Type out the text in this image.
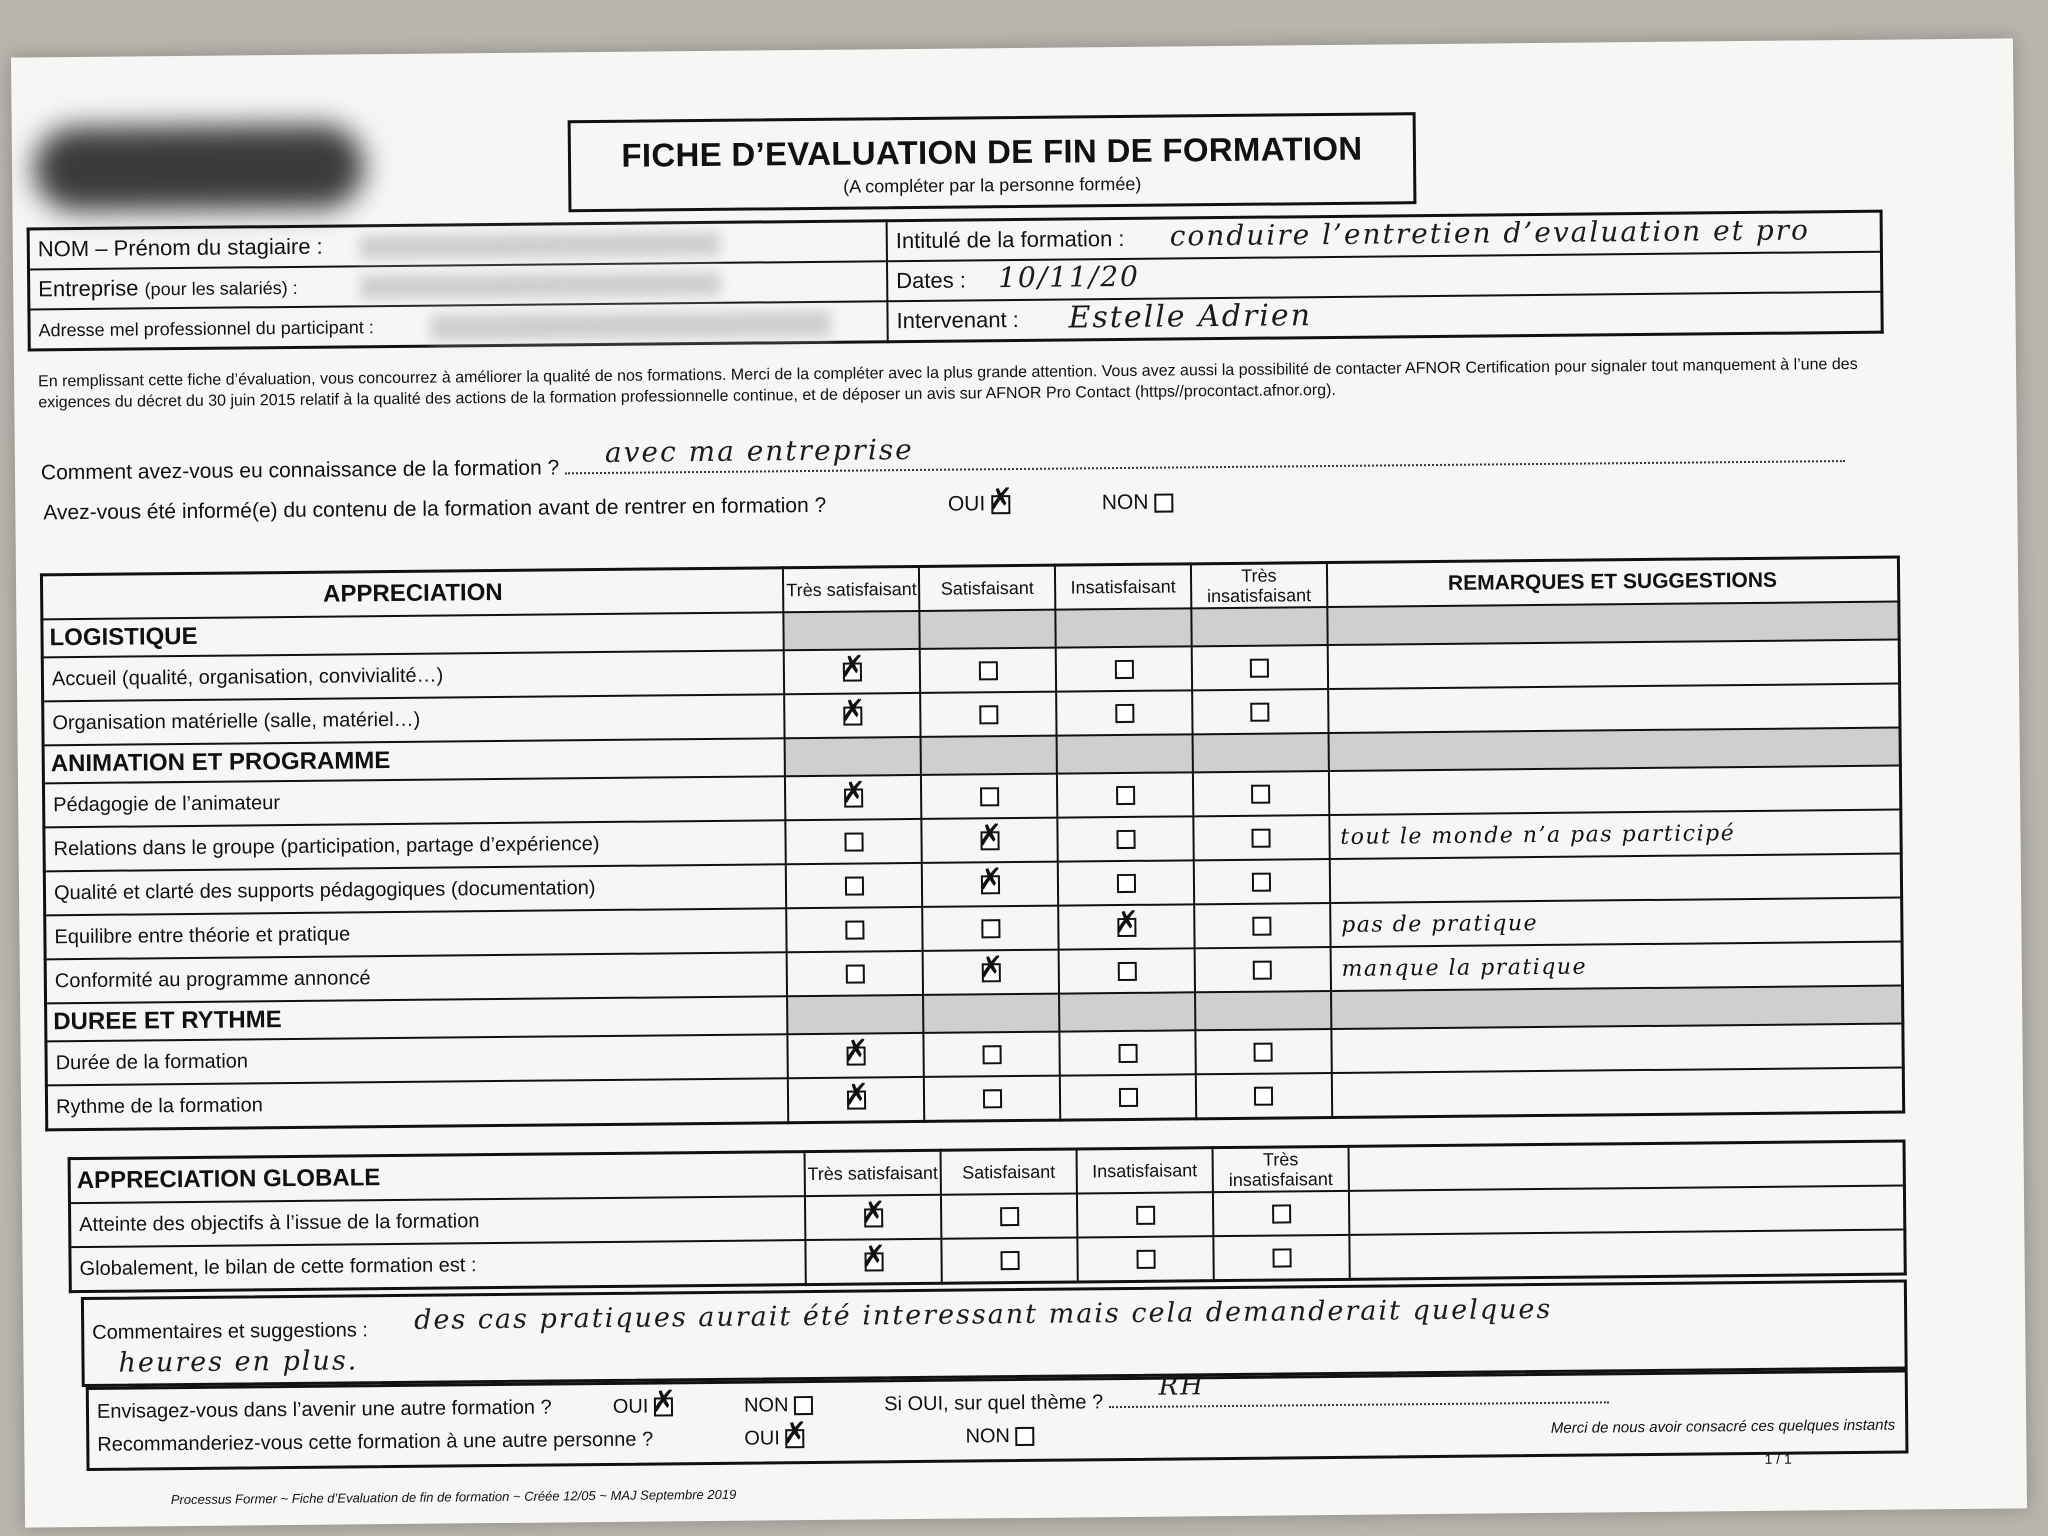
FICHE D’EVALUATION DE FIN DE FORMATION
(A compléter par la personne formée)
NOM – Prénom du stagiaire :	Intitulé de la formation : conduire l’entretien d’evaluation et pro

Entreprise (pour les salariés) :	Dates : 10/11/20

Adresse mel professionnel du participant :	Intervenant : Estelle Adrien
En remplissant cette fiche d’évaluation, vous concourrez à améliorer la qualité de nos formations. Merci de la compléter avec la plus grande attention. Vous avez aussi la possibilité de contacter AFNOR Certification pour signaler tout manquement à l’une des exigences du décret du 30 juin 2015 relatif à la qualité des actions de la formation professionnelle continue, et de déposer un avis sur AFNOR Pro Contact (https//procontact.afnor.org).
Comment avez-vous eu connaissance de la formation ?
avec ma entreprise
Avez-vous été informé(e) du contenu de la formation avant de rentrer en formation ?	OUI ✗	NON
APPRECIATION	Très satisfaisant	Satisfaisant	Insatisfaisant	Très insatisfaisant	REMARQUES ET SUGGESTIONS
LOGISTIQUE					
Accueil (qualité, organisation, convivialité…)	✗				
Organisation matérielle (salle, matériel…)	✗				
ANIMATION ET PROGRAMME					
Pédagogie de l’animateur	✗				
Relations dans le groupe (participation, partage d’expérience)		✗			tout le monde n’a pas participé
Qualité et clarté des supports pédagogiques (documentation)		✗			
Equilibre entre théorie et pratique			✗		pas de pratique
Conformité au programme annoncé		✗			manque la pratique
DUREE ET RYTHME					
Durée de la formation	✗				
Rythme de la formation	✗				
APPRECIATION GLOBALE	Très satisfaisant	Satisfaisant	Insatisfaisant	Très insatisfaisant	
Atteinte des objectifs à l’issue de la formation	✗				
Globalement, le bilan de cette formation est :	✗				
Commentaires et suggestions : des cas pratiques aurait été interessant mais cela demanderait quelques
heures en plus.
Envisagez-vous dans l’avenir une autre formation ?	OUI ✗	NON	Si OUI, sur quel thème ?
RH
Recommanderiez-vous cette formation à une autre personne ?	OUI ✗	NON	Merci de nous avoir consacré ces quelques instants
1 / 1
Processus Former ~ Fiche d’Evaluation de fin de formation ~ Créée 12/05 ~ MAJ Septembre 2019
